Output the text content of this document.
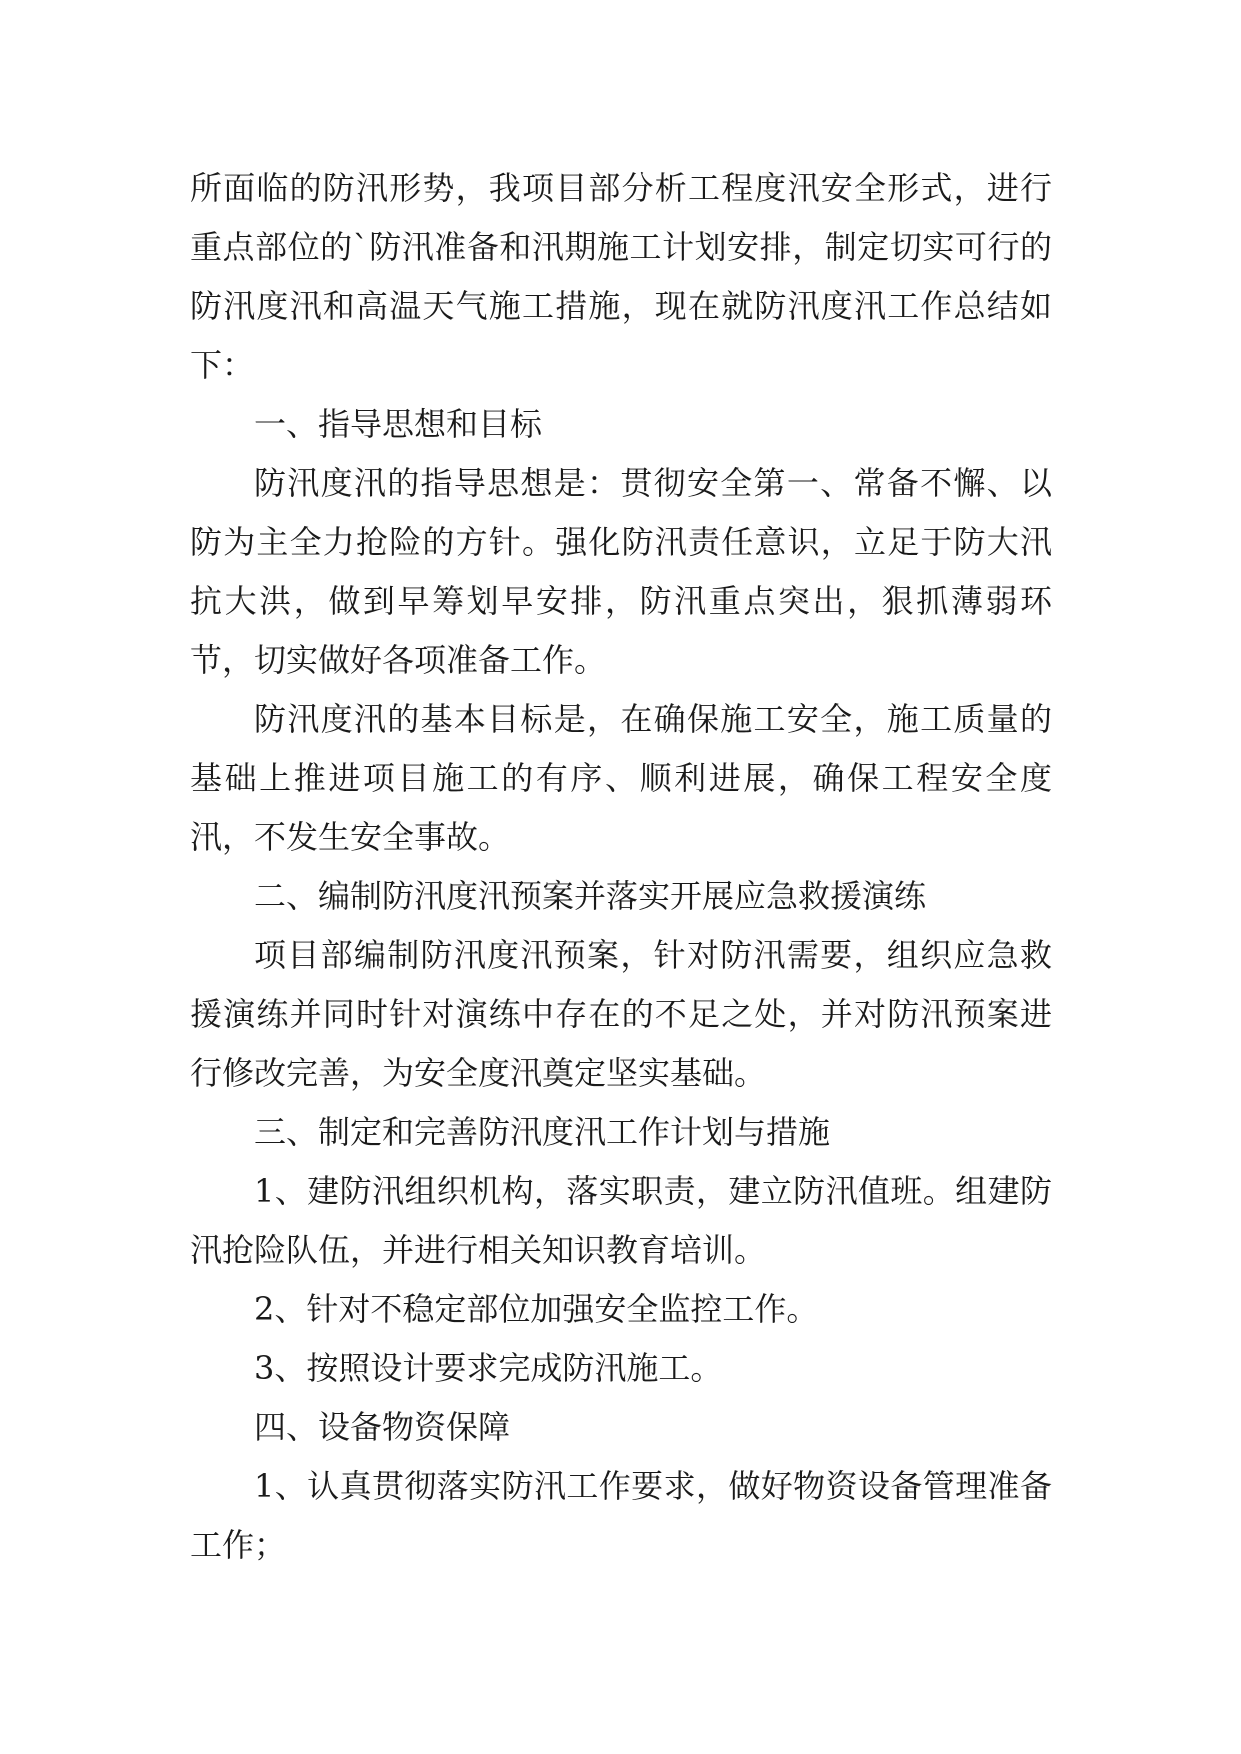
所面临的防汛形势，我项目部分析工程度汛安全形式，进行重点部位的`防汛准备和汛期施工计划安排，制定切实可行的防汛度汛和高温天气施工措施，现在就防汛度汛工作总结如下：

一、指导思想和目标

防汛度汛的指导思想是：贯彻安全第一、常备不懈、以防为主全力抢险的方针。强化防汛责任意识，立足于防大汛抗大洪，做到早筹划早安排，防汛重点突出，狠抓薄弱环节，切实做好各项准备工作。

防汛度汛的基本目标是，在确保施工安全，施工质量的基础上推进项目施工的有序、顺利进展，确保工程安全度汛，不发生安全事故。

二、编制防汛度汛预案并落实开展应急救援演练

项目部编制防汛度汛预案，针对防汛需要，组织应急救援演练并同时针对演练中存在的不足之处，并对防汛预案进行修改完善，为安全度汛奠定坚实基础。

三、制定和完善防汛度汛工作计划与措施

1、建防汛组织机构，落实职责，建立防汛值班。组建防汛抢险队伍，并进行相关知识教育培训。

2、针对不稳定部位加强安全监控工作。

3、按照设计要求完成防汛施工。

四、设备物资保障

1、认真贯彻落实防汛工作要求，做好物资设备管理准备工作；
